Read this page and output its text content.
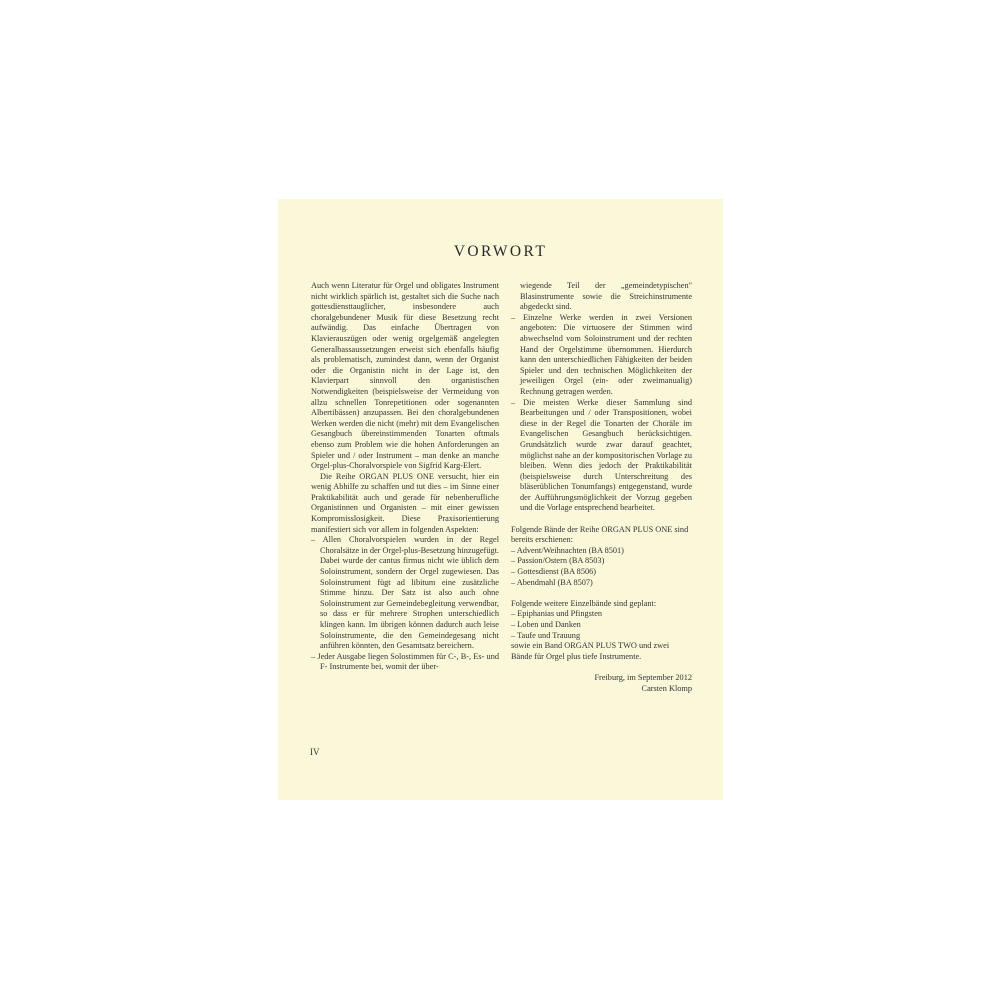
VORWORT

Auch wenn Literatur für Orgel und obligates Instrument nicht wirklich spärlich ist, gestaltet sich die Suche nach gottesdiensttauglicher, insbesondere auch choralgebundener Musik für diese Besetzung recht aufwändig. Das einfache Übertragen von Klavierauszügen oder wenig orgelgemäß angelegten Generalbassaussetzungen erweist sich ebenfalls häufig als problematisch, zumindest dann, wenn der Organist oder die Organistin nicht in der Lage ist, den Klavierpart sinnvoll den organistischen Notwendigkeiten (beispielsweise der Vermeidung von allzu schnellen Tonrepetitionen oder sogenannten Albertibässen) anzupassen. Bei den choralgebundenen Werken werden die nicht (mehr) mit dem Evangelischen Gesangbuch übereinstimmenden Tonarten oftmals ebenso zum Problem wie die hohen Anforderungen an Spieler und / oder Instrument – man denke an manche Orgel-plus-Choralvorspiele von Sigfrid Karg-Elert.

Die Reihe ORGAN PLUS ONE versucht, hier ein wenig Abhilfe zu schaffen und tut dies – im Sinne einer Praktikabilität auch und gerade für nebenberufliche Organistinnen und Organisten – mit einer gewissen Kompromisslosigkeit. Diese Praxisorientierung manifestiert sich vor allem in folgenden Aspekten:

– Allen Choralvorspielen wurden in der Regel Choralsätze in der Orgel-plus-Besetzung hinzugefügt. Dabei wurde der cantus firmus nicht wie üblich dem Soloinstrument, sondern der Orgel zugewiesen. Das Soloinstrument fügt ad libitum eine zusätzliche Stimme hinzu. Der Satz ist also auch ohne Soloinstrument zur Gemeindebegleitung verwendbar, so dass er für mehrere Strophen unterschiedlich klingen kann. Im übrigen können dadurch auch leise Soloinstrumente, die den Gemeindegesang nicht anführen könnten, den Gesamtsatz bereichern.

– Jeder Ausgabe liegen Solostimmen für C-, B-, Es- und F- Instrumente bei, womit der über-

wiegende Teil der „gemeindetypischen" Blasinstrumente sowie die Streichinstrumente abgedeckt sind.

– Einzelne Werke werden in zwei Versionen angeboten: Die virtuosere der Stimmen wird abwechselnd vom Soloinstrument und der rechten Hand der Orgelstimme übernommen. Hierdurch kann den unterschiedlichen Fähigkeiten der beiden Spieler und den technischen Möglichkeiten der jeweiligen Orgel (ein- oder zweimanualig) Rechnung getragen werden.

– Die meisten Werke dieser Sammlung sind Bearbeitungen und / oder Transpositionen, wobei diese in der Regel die Tonarten der Choräle im Evangelischen Gesangbuch berücksichtigen. Grundsätzlich wurde zwar darauf geachtet, möglichst nahe an der kompositorischen Vorlage zu bleiben. Wenn dies jedoch der Praktikabilität (beispielsweise durch Unterschreitung des bläserüblichen Tonumfangs) entgegenstand, wurde der Aufführungsmöglichkeit der Vorzug gegeben und die Vorlage entsprechend bearbeitet.

Folgende Bände der Reihe ORGAN PLUS ONE sind bereits erschienen:

– Advent/Weihnachten (BA 8501)

– Passion/Ostern (BA 8503)

– Gottesdienst (BA 8506)

– Abendmahl (BA 8507)

Folgende weitere Einzelbände sind geplant:

– Epiphanias und Pfingsten

– Loben und Danken

– Taufe und Trauung

sowie ein Band ORGAN PLUS TWO und zwei Bände für Orgel plus tiefe Instrumente.

Freiburg, im September 2012

Carsten Klomp

IV
